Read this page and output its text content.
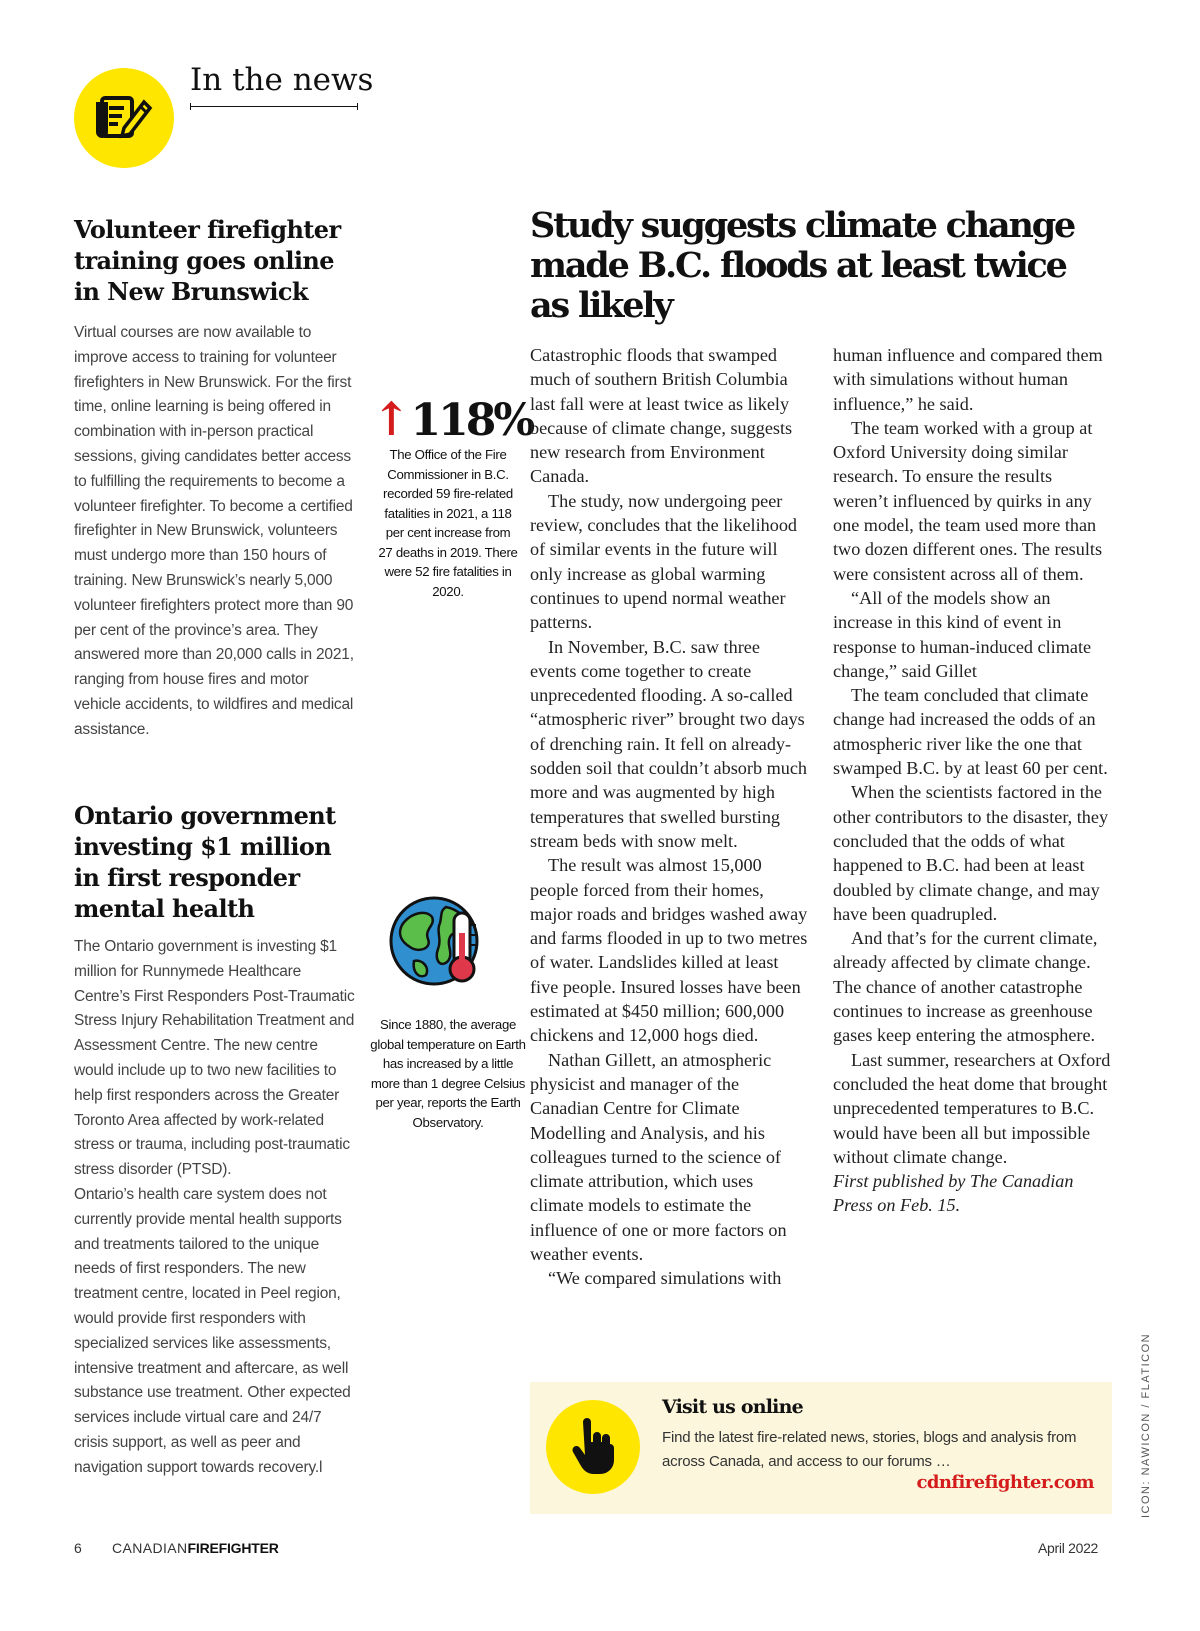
In the news
Volunteer firefighter training goes online in New Brunswick
Virtual courses are now available to improve access to training for volunteer firefighters in New Brunswick. For the first time, online learning is being offered in combination with in-person practical sessions, giving candidates better access to fulfilling the requirements to become a volunteer firefighter. To become a certified firefighter in New Brunswick, volunteers must undergo more than 150 hours of training. New Brunswick’s nearly 5,000 volunteer firefighters protect more than 90 per cent of the province’s area. They answered more than 20,000 calls in 2021, ranging from house fires and motor vehicle accidents, to wildfires and medical assistance.
Ontario government investing $1 million in first responder mental health
The Ontario government is investing $1 million for Runnymede Healthcare Centre’s First Responders Post-Traumatic Stress Injury Rehabilitation Treatment and Assessment Centre. The new centre would include up to two new facilities to help first responders across the Greater Toronto Area affected by work-related stress or trauma, including post-traumatic stress disorder (PTSD).
Ontario’s health care system does not currently provide mental health supports and treatments tailored to the unique needs of first responders. The new treatment centre, located in Peel region, would provide first responders with specialized services like assessments, intensive treatment and aftercare, as well substance use treatment. Other expected services include virtual care and 24/7 crisis support, as well as peer and navigation support towards recovery.l
↑118%
The Office of the Fire Commissioner in B.C. recorded 59 fire-related fatalities in 2021, a 118 per cent increase from 27 deaths in 2019. There were 52 fire fatalities in 2020.
Since 1880, the average global temperature on Earth has increased by a little more than 1 degree Celsius per year, reports the Earth Observatory.
Study suggests climate change made B.C. floods at least twice as likely

Catastrophic floods that swamped much of southern British Columbia last fall were at least twice as likely because of climate change, suggests new research from Environment Canada.

The study, now undergoing peer review, concludes that the likelihood of similar events in the future will only increase as global warming continues to upend normal weather patterns.

In November, B.C. saw three events come together to create unprecedented flooding. A so-called “atmospheric river” brought two days of drenching rain. It fell on already-sodden soil that couldn’t absorb much more and was augmented by high temperatures that swelled bursting stream beds with snow melt.

The result was almost 15,000 people forced from their homes, major roads and bridges washed away and farms flooded in up to two metres of water. Landslides killed at least five people. Insured losses have been estimated at $450 million; 600,000 chickens and 12,000 hogs died.

Nathan Gillett, an atmospheric physicist and manager of the Canadian Centre for Climate Modelling and Analysis, and his colleagues turned to the science of climate attribution, which uses climate models to estimate the influence of one or more factors on weather events.

“We compared simulations with

human influence and compared them with simulations without human influence,” he said.

The team worked with a group at Oxford University doing similar research. To ensure the results weren’t influenced by quirks in any one model, the team used more than two dozen different ones. The results were consistent across all of them.

“All of the models show an increase in this kind of event in response to human-induced climate change,” said Gillet

The team concluded that climate change had increased the odds of an atmospheric river like the one that swamped B.C. by at least 60 per cent.

When the scientists factored in the other contributors to the disaster, they concluded that the odds of what happened to B.C. had been at least doubled by climate change, and may have been quadrupled.

And that’s for the current climate, already affected by climate change. The chance of another catastrophe continues to increase as greenhouse gases keep entering the atmosphere.

Last summer, researchers at Oxford concluded the heat dome that brought unprecedented temperatures to B.C. would have been all but impossible without climate change.

First published by The Canadian Press on Feb. 15.

Visit us online
Find the latest fire-related news, stories, blogs and analysis from across Canada, and access to our forums …
cdnfirefighter.com	ICON: NAWICON / FLATICON
6 CANADIANFIREFIGHTER	April 2022
